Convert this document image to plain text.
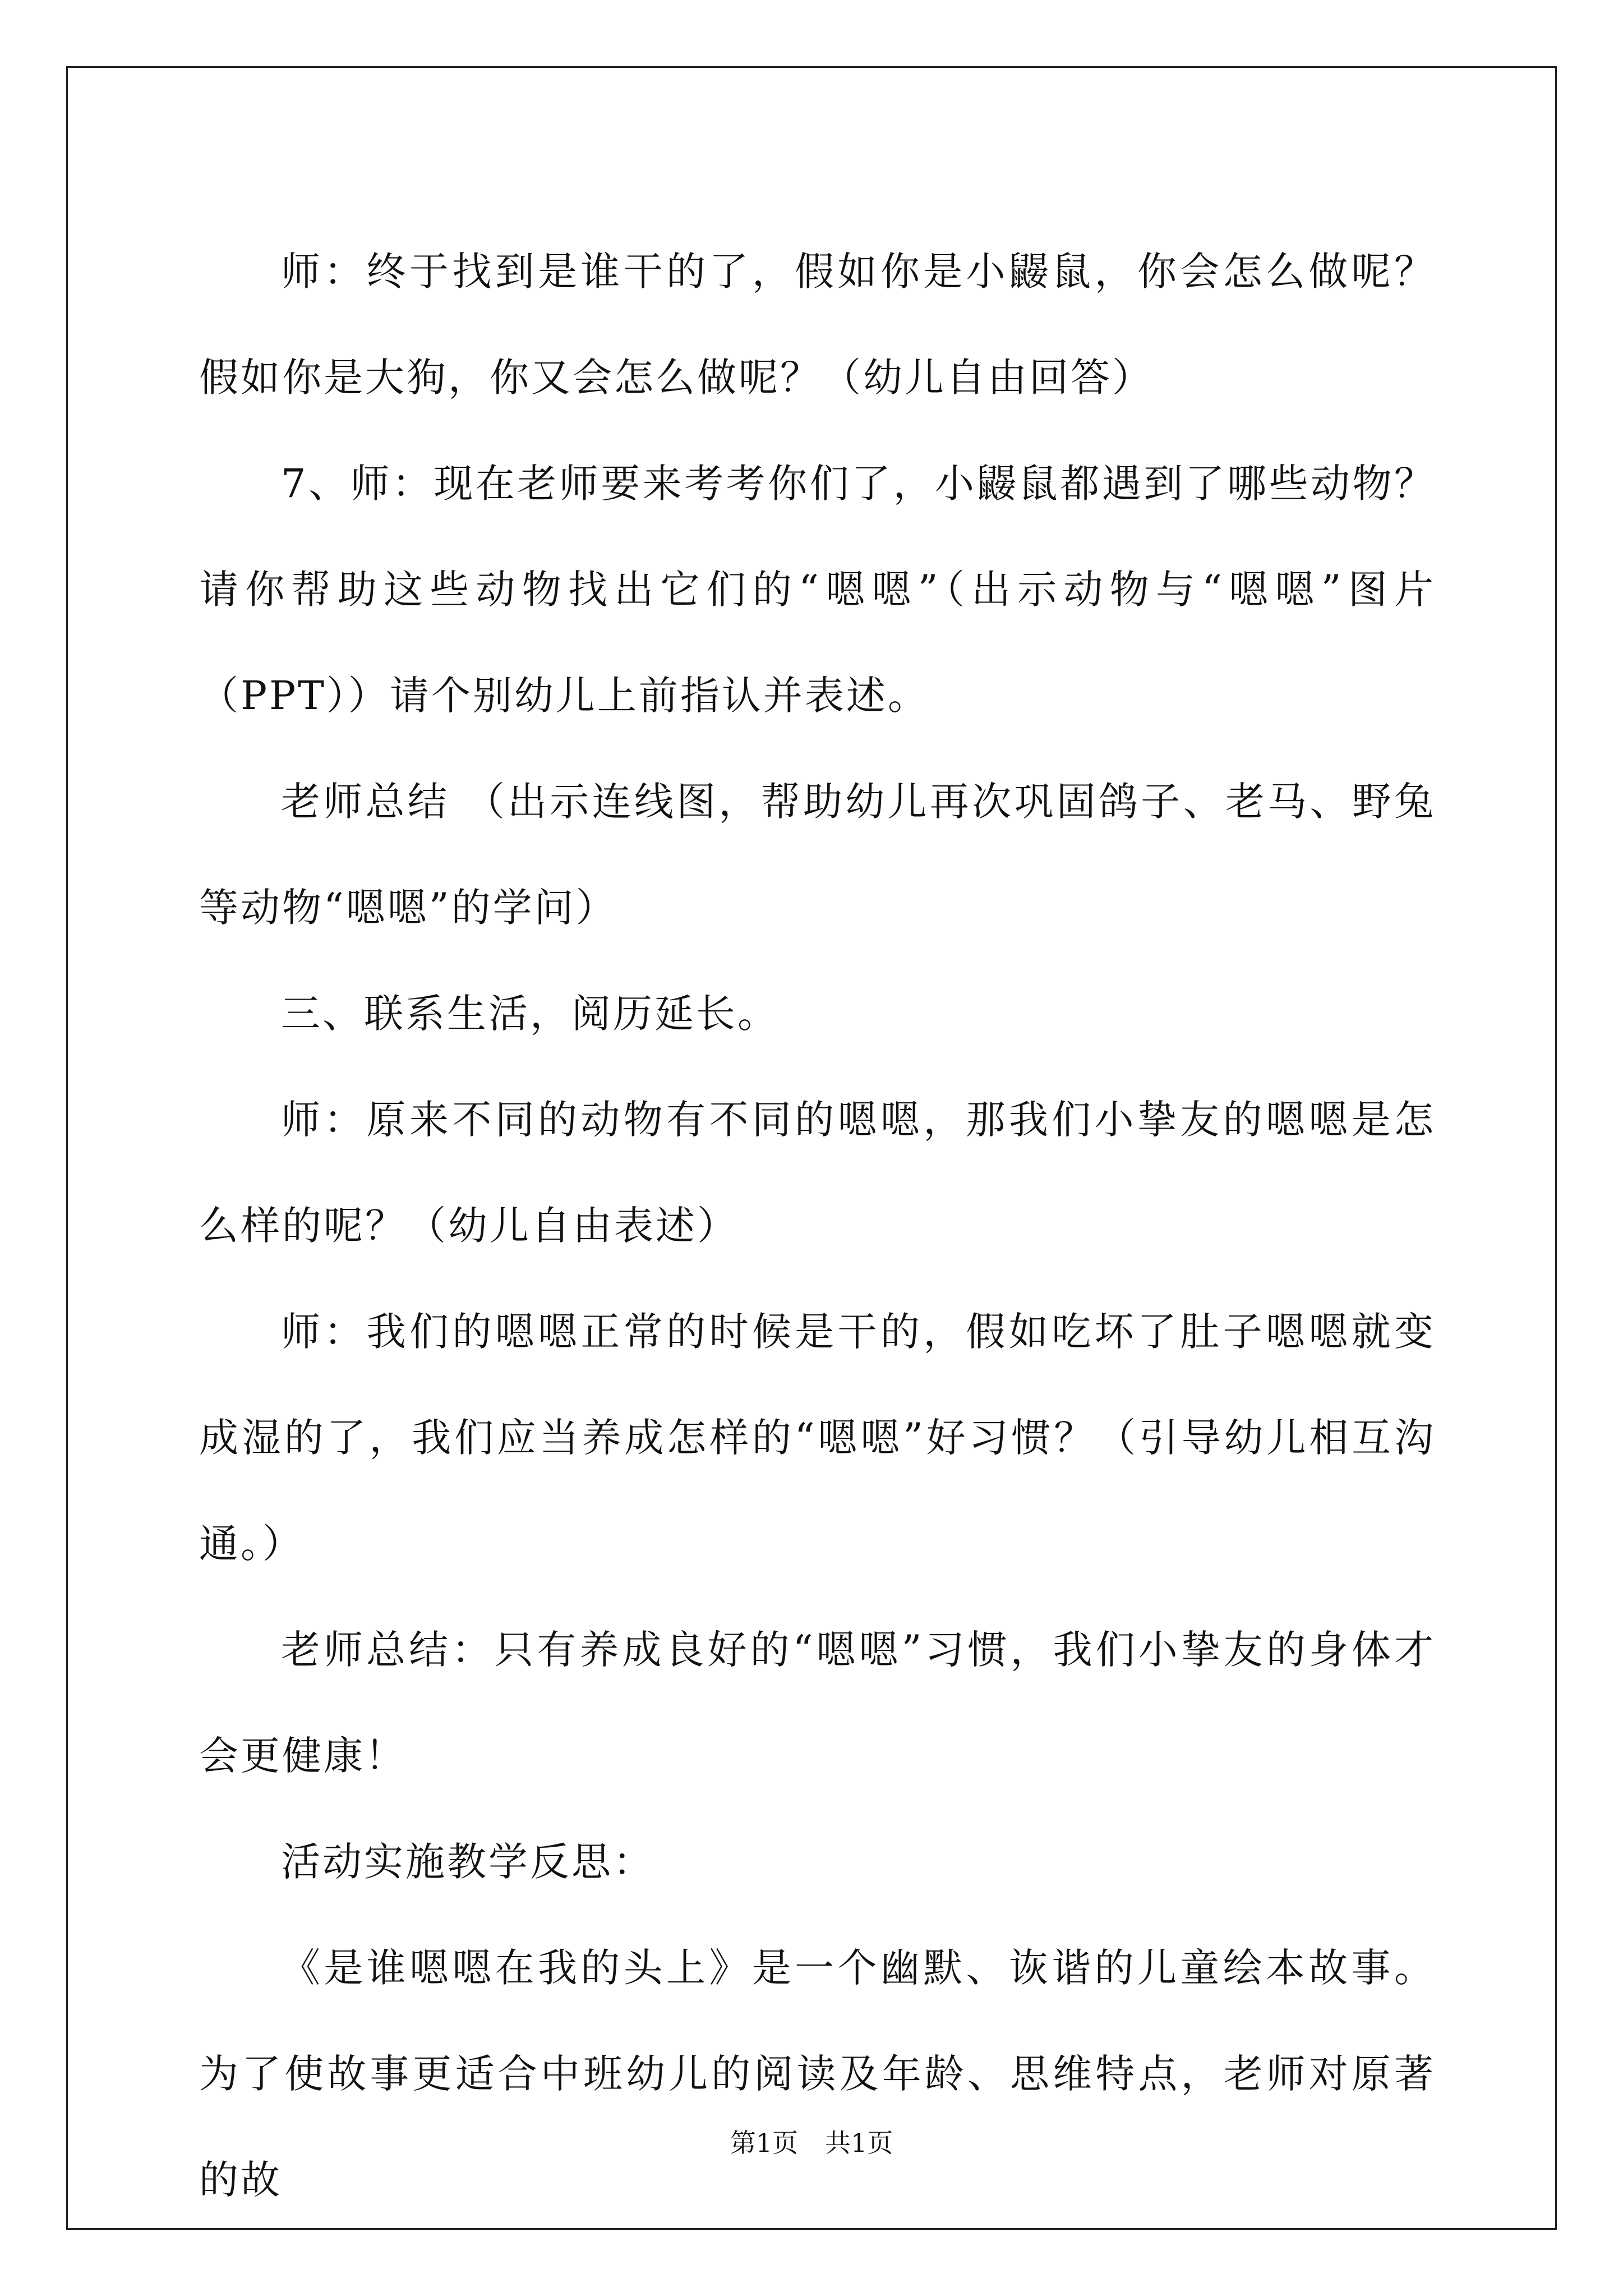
师：终于找到是谁干的了，假如你是小鼹鼠，你会怎么做呢？假如你是大狗，你又会怎么做呢？（幼儿自由回答）

7、师：现在老师要来考考你们了，小鼹鼠都遇到了哪些动物？请你帮助这些动物找出它们的“嗯嗯”（出示动物与“嗯嗯”图片（PPT））请个别幼儿上前指认并表述。

老师总结 （出示连线图，帮助幼儿再次巩固鸽子、老马、野兔等动物“嗯嗯”的学问）

三、联系生活，阅历延长。

师：原来不同的动物有不同的嗯嗯，那我们小挚友的嗯嗯是怎么样的呢？（幼儿自由表述）

师：我们的嗯嗯正常的时候是干的，假如吃坏了肚子嗯嗯就变成湿的了，我们应当养成怎样的“嗯嗯”好习惯？（引导幼儿相互沟通。）

老师总结：只有养成良好的“嗯嗯”习惯，我们小挚友的身体才会更健康！

活动实施教学反思：

《是谁嗯嗯在我的头上》是一个幽默、诙谐的儿童绘本故事。为了使故事更适合中班幼儿的阅读及年龄、思维特点，老师对原著的故

第1页 共1页
